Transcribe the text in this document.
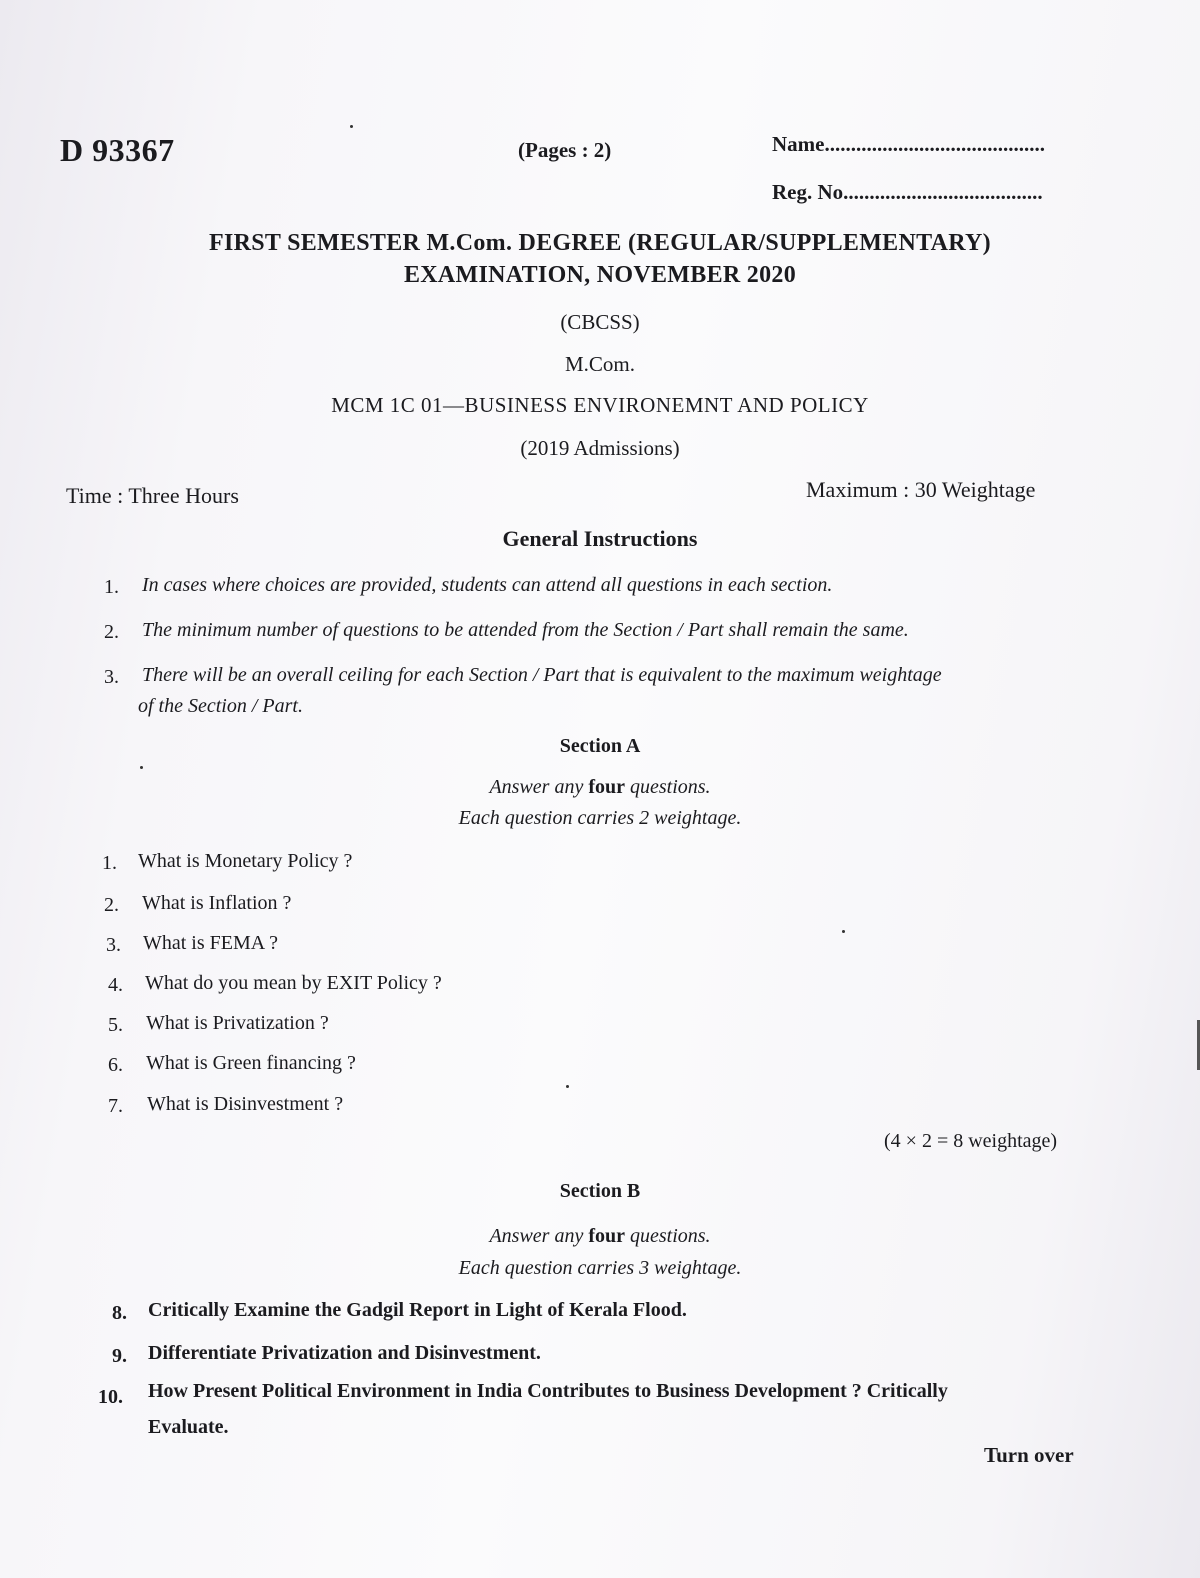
D 93367	(Pages : 2)	Name..........................................
Reg. No......................................
FIRST SEMESTER M.Com. DEGREE (REGULAR/SUPPLEMENTARY)
EXAMINATION, NOVEMBER 2020
(CBCSS)
M.Com.
MCM 1C 01—BUSINESS ENVIRONEMNT AND POLICY
(2019 Admissions)
Time : Three Hours	Maximum : 30 Weightage
General Instructions
1. In cases where choices are provided, students can attend all questions in each section.
2. The minimum number of questions to be attended from the Section / Part shall remain the same.
3. There will be an overall ceiling for each Section / Part that is equivalent to the maximum weightage
of the Section / Part.
Section A
Answer any four questions.
Each question carries 2 weightage.
1. What is Monetary Policy ?
2. What is Inflation ?
3. What is FEMA ?
4. What do you mean by EXIT Policy ?
5. What is Privatization ?
6. What is Green financing ?
7. What is Disinvestment ?
(4 × 2 = 8 weightage)
Section B
Answer any four questions.
Each question carries 3 weightage.
8. Critically Examine the Gadgil Report in Light of Kerala Flood.
9. Differentiate Privatization and Disinvestment.
10. How Present Political Environment in India Contributes to Business Development ? Critically
Evaluate.
Turn over
